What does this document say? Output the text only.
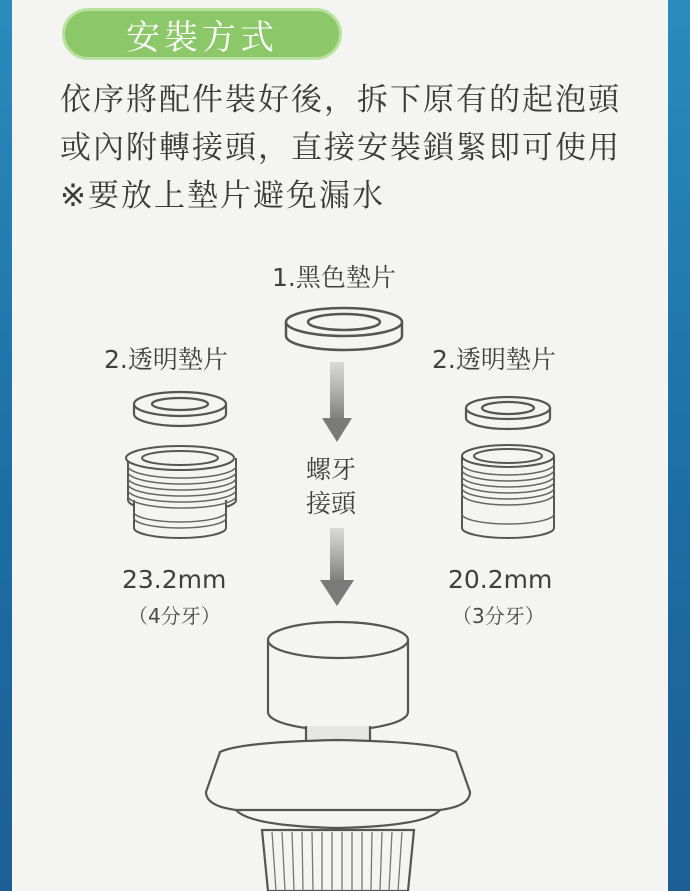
安裝方式
依序將配件裝好後，拆下原有的起泡頭
或內附轉接頭，直接安裝鎖緊即可使用
※要放上墊片避免漏水
1.黑色墊片
2.透明墊片	2.透明墊片
螺牙
接頭
23.2mm
（4分牙）
20.2mm
（3分牙）
